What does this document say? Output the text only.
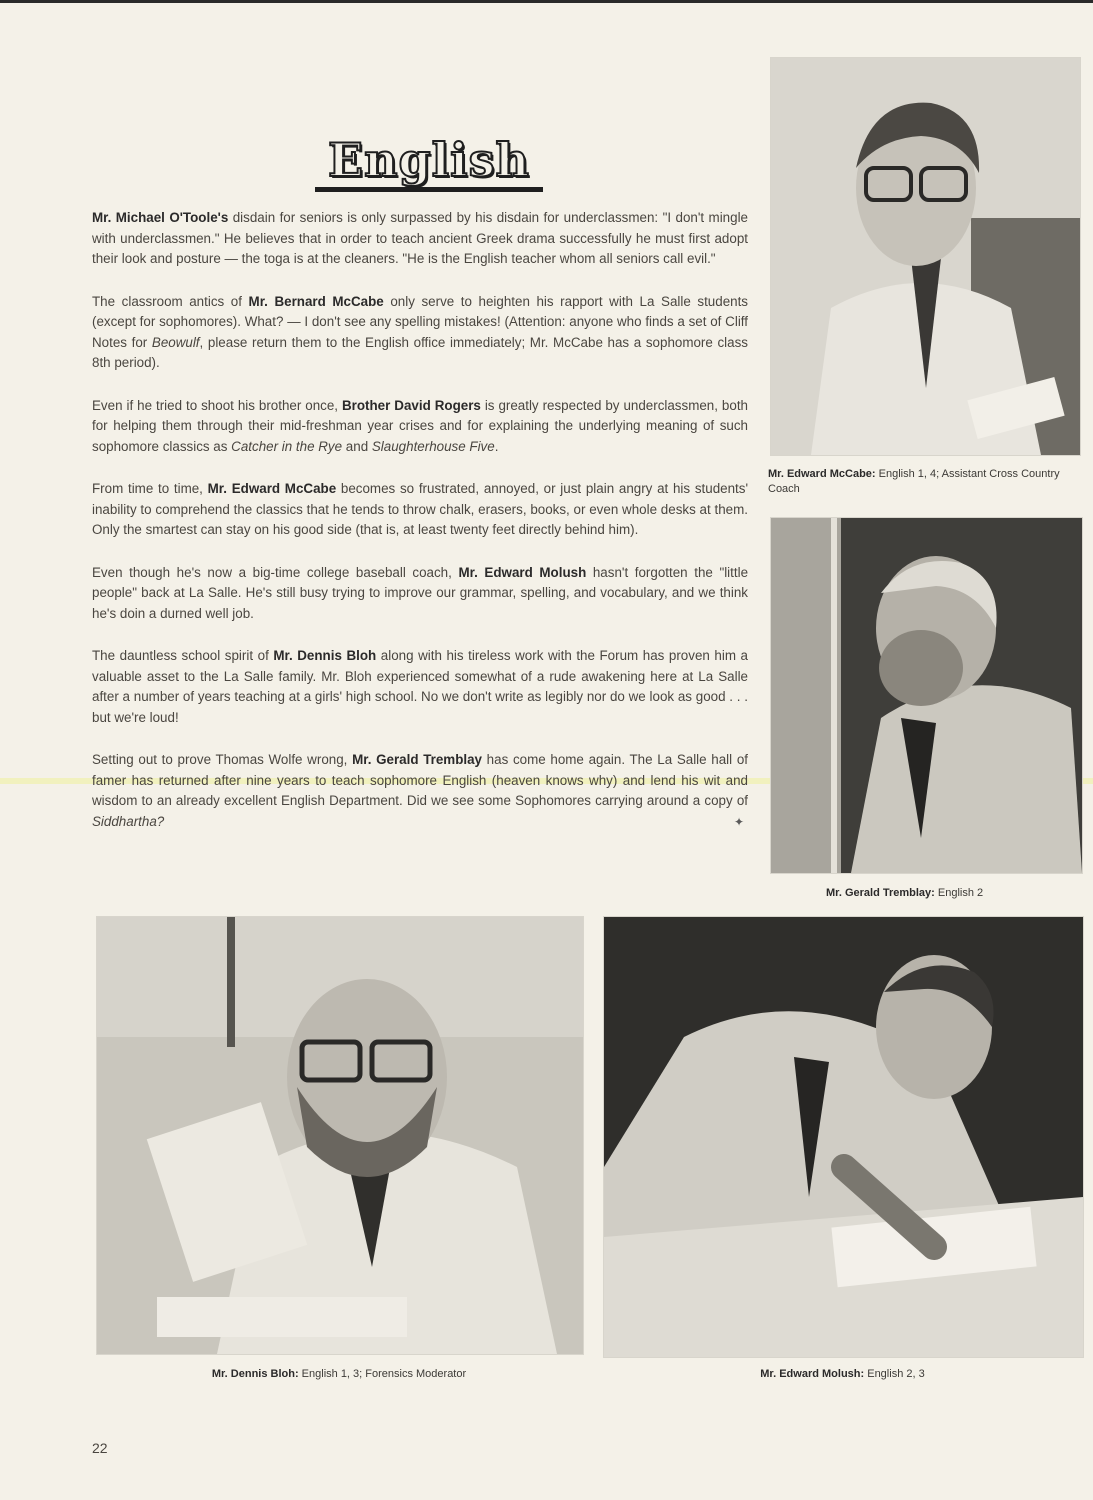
English

Mr. Michael O'Toole's disdain for seniors is only surpassed by his disdain for underclassmen: "I don't mingle with underclassmen." He believes that in order to teach ancient Greek drama successfully he must first adopt their look and posture — the toga is at the cleaners. "He is the English teacher whom all seniors call evil."

The classroom antics of Mr. Bernard McCabe only serve to heighten his rapport with La Salle students (except for sophomores). What? — I don't see any spelling mistakes! (Attention: anyone who finds a set of Cliff Notes for Beowulf, please return them to the English office immediately; Mr. McCabe has a sophomore class 8th period).

Even if he tried to shoot his brother once, Brother David Rogers is greatly respected by underclassmen, both for helping them through their mid-freshman year crises and for explaining the underlying meaning of such sophomore classics as Catcher in the Rye and Slaughterhouse Five.

From time to time, Mr. Edward McCabe becomes so frustrated, annoyed, or just plain angry at his students' inability to comprehend the classics that he tends to throw chalk, erasers, books, or even whole desks at them. Only the smartest can stay on his good side (that is, at least twenty feet directly behind him).

Even though he's now a big-time college baseball coach, Mr. Edward Molush hasn't forgotten the "little people" back at La Salle. He's still busy trying to improve our grammar, spelling, and vocabulary, and we think he's doin a durned well job.

The dauntless school spirit of Mr. Dennis Bloh along with his tireless work with the Forum has proven him a valuable asset to the La Salle family. Mr. Bloh experienced somewhat of a rude awakening here at La Salle after a number of years teaching at a girls' high school. No we don't write as legibly nor do we look as good . . . but we're loud!

Setting out to prove Thomas Wolfe wrong, Mr. Gerald Tremblay has come home again. The La Salle hall of famer has returned after nine years to teach sophomore English (heaven knows why) and lend his wit and wisdom to an already excellent English Department. Did we see some Sophomores carrying around a copy of Siddhartha?	✦

Mr. Edward McCabe: English 1, 4; Assistant Cross Country Coach
Mr. Gerald Tremblay: English 2
Mr. Dennis Bloh: English 1, 3; Forensics Moderator	Mr. Edward Molush: English 2, 3
22
